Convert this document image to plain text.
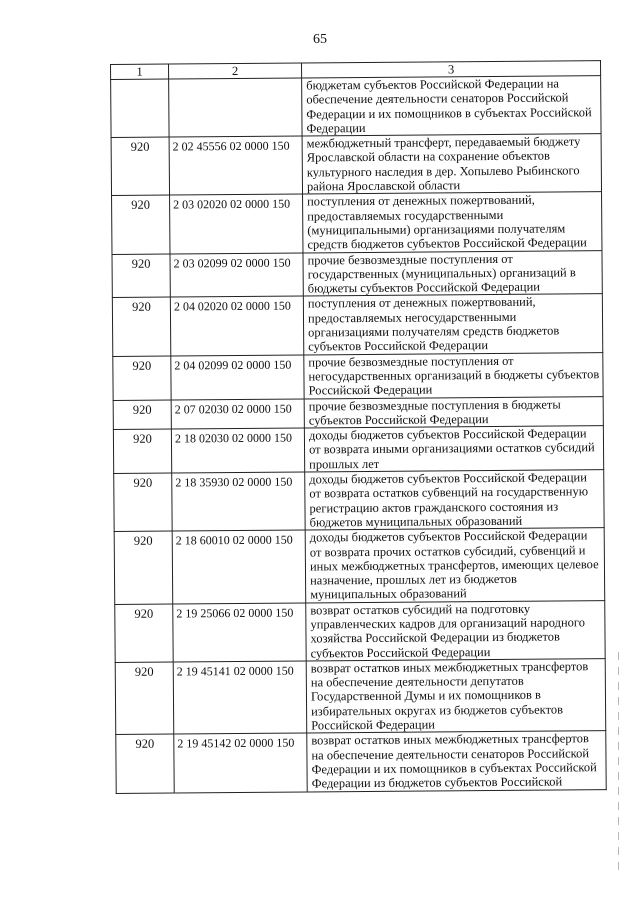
65
1	2	3
		бюджетам субъектов Российской Федерации на обеспечение деятельности сенаторов Российской Федерации и их помощников в субъектах Российской Федерации
920	2 02 45556 02 0000 150	межбюджетный трансферт, передаваемый бюджету Ярославской области на сохранение объектов культурного наследия в дер. Хопылево Рыбинского района Ярославской области
920	2 03 02020 02 0000 150	поступления от денежных пожертвований, предоставляемых государственными (муниципальными) организациями получателям средств бюджетов субъектов Российской Федерации
920	2 03 02099 02 0000 150	прочие безвозмездные поступления от государственных (муниципальных) организаций в бюджеты субъектов Российской Федерации
920	2 04 02020 02 0000 150	поступления от денежных пожертвований, предоставляемых негосударственными организациями получателям средств бюджетов субъектов Российской Федерации
920	2 04 02099 02 0000 150	прочие безвозмездные поступления от негосударственных организаций в бюджеты субъектов Российской Федерации
920	2 07 02030 02 0000 150	прочие безвозмездные поступления в бюджеты субъектов Российской Федерации
920	2 18 02030 02 0000 150	доходы бюджетов субъектов Российской Федерации от возврата иными организациями остатков субсидий прошлых лет
920	2 18 35930 02 0000 150	доходы бюджетов субъектов Российской Федерации от возврата остатков субвенций на государственную регистрацию актов гражданского состояния из бюджетов муниципальных образований
920	2 18 60010 02 0000 150	доходы бюджетов субъектов Российской Федерации от возврата прочих остатков субсидий, субвенций и иных межбюджетных трансфертов, имеющих целевое назначение, прошлых лет из бюджетов муниципальных образований
920	2 19 25066 02 0000 150	возврат остатков субсидий на подготовку управленческих кадров для организаций народного хозяйства Российской Федерации из бюджетов субъектов Российской Федерации
920	2 19 45141 02 0000 150	возврат остатков иных межбюджетных трансфертов на обеспечение деятельности депутатов Государственной Думы и их помощников в избирательных округах из бюджетов субъектов Российской Федерации
920	2 19 45142 02 0000 150	возврат остатков иных межбюджетных трансфертов на обеспечение деятельности сенаторов Российской Федерации и их помощников в субъектах Российской Федерации из бюджетов субъектов Российской
